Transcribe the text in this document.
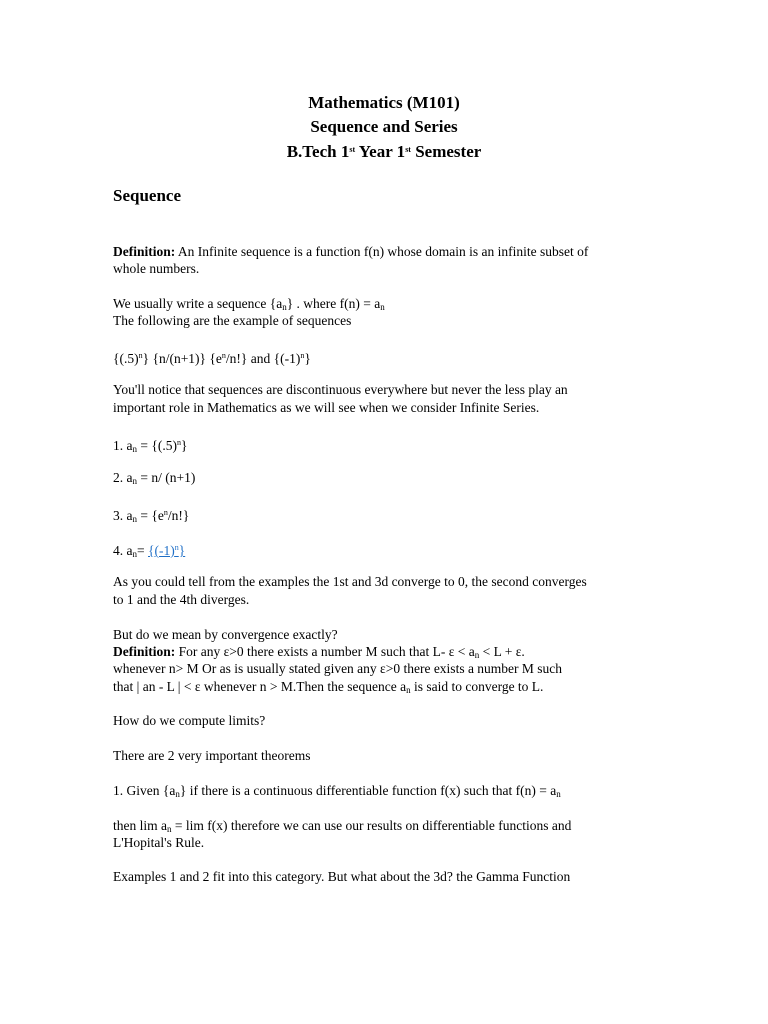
Mathematics (M101)
Sequence and Series
B.Tech 1st Year 1st Semester
Sequence
Definition: An Infinite sequence is a function f(n) whose domain is an infinite subset of
whole numbers.
We usually write a sequence $\{a_n\}$ . where $f(n) = a_n$
The following are the example of sequences
$\{(.5)^n\}$ {n/(n+1)} $\{e^n/n!\}$ and $\{(-1)^n\}$
You'll notice that sequences are discontinuous everywhere but never the less play an
important role in Mathematics as we will see when we consider Infinite Series.
1. $a_n = \{(.5)^n\}$
2. $a_n = n/$ (n+1)
3. $a_n = \{e^n/n!\}$
4. $a_n= \{(-1)^n\}$
As you could tell from the examples the 1st and 3d converge to 0, the second converges
to 1 and the 4th diverges.
But do we mean by convergence exactly?
Definition: For any ε>0 there exists a number M such that L- $\varepsilon < a_n < L + \varepsilon$.
whenever n> M Or as is usually stated given any ε>0 there exists a number M such
that | an - L | < ε whenever n > M.Then the sequence $a_n$ is said to converge to L.
How do we compute limits?
There are 2 very important theorems
1. Given $\{a_n\}$ if there is a continuous differentiable function f(x) such that $f(n) = a_n$
then $\lim a_n = \lim f(x)$ therefore we can use our results on differentiable functions and
L'Hopital's Rule.
Examples 1 and 2 fit into this category. But what about the 3d? the Gamma Function
